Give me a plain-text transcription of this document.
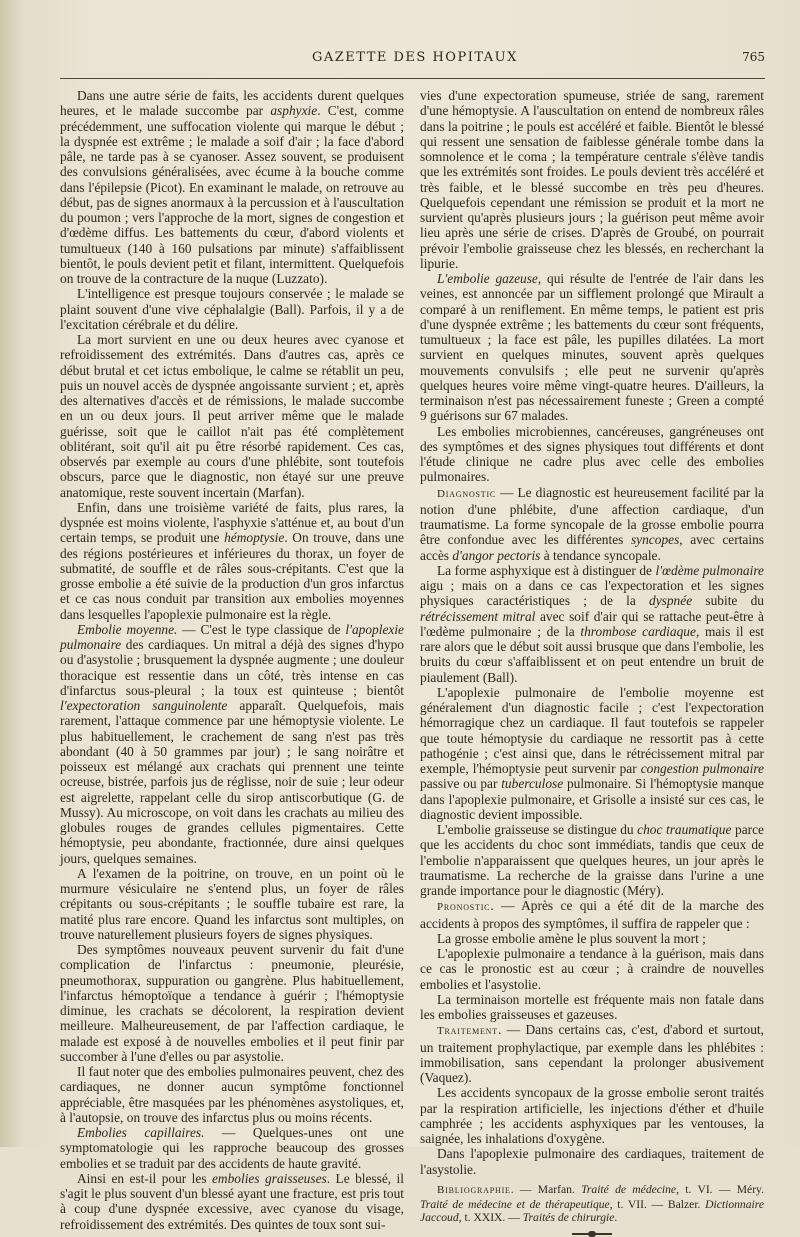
GAZETTE DES HOPITAUX	765

Dans une autre série de faits, les accidents durent quelques heures, et le malade succombe par asphyxie. C'est, comme précédemment, une suffocation violente qui marque le début ; la dyspnée est extrême ; le malade a soif d'air ; la face d'abord pâle, ne tarde pas à se cyanoser. Assez souvent, se produisent des convulsions généralisées, avec écume à la bouche comme dans l'épilepsie (Picot). En examinant le malade, on retrouve au début, pas de signes anormaux à la percussion et à l'auscultation du poumon ; vers l'approche de la mort, signes de congestion et d'œdème diffus. Les battements du cœur, d'abord violents et tumultueux (140 à 160 pulsations par minute) s'affaiblissent bientôt, le pouls devient petit et filant, intermittent. Quelquefois on trouve de la contracture de la nuque (Luzzato).

L'intelligence est presque toujours conservée ; le malade se plaint souvent d'une vive céphalalgie (Ball). Parfois, il y a de l'excitation cérébrale et du délire.

La mort survient en une ou deux heures avec cyanose et refroidissement des extrémités. Dans d'autres cas, après ce début brutal et cet ictus embolique, le calme se rétablit un peu, puis un nouvel accès de dyspnée angoissante survient ; et, après des alternatives d'accès et de rémissions, le malade succombe en un ou deux jours. Il peut arriver même que le malade guérisse, soit que le caillot n'ait pas été complètement oblitérant, soit qu'il ait pu être résorbé rapidement. Ces cas, observés par exemple au cours d'une phlébite, sont toutefois obscurs, parce que le diagnostic, non étayé sur une preuve anatomique, reste souvent incertain (Marfan).

Enfin, dans une troisième variété de faits, plus rares, la dyspnée est moins violente, l'asphyxie s'atténue et, au bout d'un certain temps, se produit une hémoptysie. On trouve, dans une des régions postérieures et inférieures du thorax, un foyer de submatité, de souffle et de râles sous-crépitants. C'est que la grosse embolie a été suivie de la production d'un gros infarctus et ce cas nous conduit par transition aux embolies moyennes dans lesquelles l'apoplexie pulmonaire est la règle.

Embolie moyenne. — C'est le type classique de l'apoplexie pulmonaire des cardiaques. Un mitral a déjà des signes d'hypo ou d'asystolie ; brusquement la dyspnée augmente ; une douleur thoracique est ressentie dans un côté, très intense en cas d'infarctus sous-pleural ; la toux est quinteuse ; bientôt l'expectoration sanguinolente apparaît. Quelquefois, mais rarement, l'attaque commence par une hémoptysie violente. Le plus habituellement, le crachement de sang n'est pas très abondant (40 à 50 grammes par jour) ; le sang noirâtre et poisseux est mélangé aux crachats qui prennent une teinte ocreuse, bistrée, parfois jus de réglisse, noir de suie ; leur odeur est aigrelette, rappelant celle du sirop antiscorbutique (G. de Mussy). Au microscope, on voit dans les crachats au milieu des globules rouges de grandes cellules pigmentaires. Cette hémoptysie, peu abondante, fractionnée, dure ainsi quelques jours, quelques semaines.

A l'examen de la poitrine, on trouve, en un point où le murmure vésiculaire ne s'entend plus, un foyer de râles crépitants ou sous-crépitants ; le souffle tubaire est rare, la matité plus rare encore. Quand les infarctus sont multiples, on trouve naturellement plusieurs foyers de signes physiques.

Des symptômes nouveaux peuvent survenir du fait d'une complication de l'infarctus : pneumonie, pleurésie, pneumothorax, suppuration ou gangrène. Plus habituellement, l'infarctus hémoptoïque a tendance à guérir ; l'hémoptysie diminue, les crachats se décolorent, la respiration devient meilleure. Malheureusement, de par l'affection cardiaque, le malade est exposé à de nouvelles embolies et il peut finir par succomber à l'une d'elles ou par asystolie.

Il faut noter que des embolies pulmonaires peuvent, chez des cardiaques, ne donner aucun symptôme fonctionnel appréciable, être masquées par les phénomènes asystoliques, et, à l'autopsie, on trouve des infarctus plus ou moins récents.

Embolies capillaires. — Quelques-unes ont une symptomatologie qui les rapproche beaucoup des grosses embolies et se traduit par des accidents de haute gravité.

Ainsi en est-il pour les embolies graisseuses. Le blessé, il s'agit le plus souvent d'un blessé ayant une fracture, est pris tout à coup d'une dyspnée excessive, avec cyanose du visage, refroidissement des extrémités. Des quintes de toux sont sui-

vies d'une expectoration spumeuse, striée de sang, rarement d'une hémoptysie. A l'auscultation on entend de nombreux râles dans la poitrine ; le pouls est accéléré et faible. Bientôt le blessé qui ressent une sensation de faiblesse générale tombe dans la somnolence et le coma ; la température centrale s'élève tandis que les extrémités sont froides. Le pouls devient très accéléré et très faible, et le blessé succombe en très peu d'heures. Quelquefois cependant une rémission se produit et la mort ne survient qu'après plusieurs jours ; la guérison peut même avoir lieu après une série de crises. D'après de Groubé, on pourrait prévoir l'embolie graisseuse chez les blessés, en recherchant la lipurie.

L'embolie gazeuse, qui résulte de l'entrée de l'air dans les veines, est annoncée par un sifflement prolongé que Mirault a comparé à un reniflement. En même temps, le patient est pris d'une dyspnée extrême ; les battements du cœur sont fréquents, tumultueux ; la face est pâle, les pupilles dilatées. La mort survient en quelques minutes, souvent après quelques mouvements convulsifs ; elle peut ne survenir qu'après quelques heures voire même vingt-quatre heures. D'ailleurs, la terminaison n'est pas nécessairement funeste ; Green a compté 9 guérisons sur 67 malades.

Les embolies microbiennes, cancéreuses, gangréneuses ont des symptômes et des signes physiques tout différents et dont l'étude clinique ne cadre plus avec celle des embolies pulmonaires.

Diagnostic — Le diagnostic est heureusement facilité par la notion d'une phlébite, d'une affection cardiaque, d'un traumatisme. La forme syncopale de la grosse embolie pourra être confondue avec les différentes syncopes, avec certains accès d'angor pectoris à tendance syncopale.

La forme asphyxique est à distinguer de l'œdème pulmonaire aigu ; mais on a dans ce cas l'expectoration et les signes physiques caractéristiques ; de la dyspnée subite du rétrécissement mitral avec soif d'air qui se rattache peut-être à l'œdème pulmonaire ; de la thrombose cardiaque, mais il est rare alors que le début soit aussi brusque que dans l'embolie, les bruits du cœur s'affaiblissent et on peut entendre un bruit de piaulement (Ball).

L'apoplexie pulmonaire de l'embolie moyenne est généralement d'un diagnostic facile ; c'est l'expectoration hémorragique chez un cardiaque. Il faut toutefois se rappeler que toute hémoptysie du cardiaque ne ressortit pas à cette pathogénie ; c'est ainsi que, dans le rétrécissement mitral par exemple, l'hémoptysie peut survenir par congestion pulmonaire passive ou par tuberculose pulmonaire. Si l'hémoptysie manque dans l'apoplexie pulmonaire, et Grisolle a insisté sur ces cas, le diagnostic devient impossible.

L'embolie graisseuse se distingue du choc traumatique parce que les accidents du choc sont immédiats, tandis que ceux de l'embolie n'apparaissent que quelques heures, un jour après le traumatisme. La recherche de la graisse dans l'urine a une grande importance pour le diagnostic (Méry).

Pronostic. — Après ce qui a été dit de la marche des accidents à propos des symptômes, il suffira de rappeler que :

La grosse embolie amène le plus souvent la mort ;

L'apoplexie pulmonaire a tendance à la guérison, mais dans ce cas le pronostic est au cœur ; à craindre de nouvelles embolies et l'asystolie.

La terminaison mortelle est fréquente mais non fatale dans les embolies graisseuses et gazeuses.

Traitement. — Dans certains cas, c'est, d'abord et surtout, un traitement prophylactique, par exemple dans les phlébites : immobilisation, sans cependant la prolonger abusivement (Vaquez).

Les accidents syncopaux de la grosse embolie seront traités par la respiration artificielle, les injections d'éther et d'huile camphrée ; les accidents asphyxiques par les ventouses, la saignée, les inhalations d'oxygène.

Dans l'apoplexie pulmonaire des cardiaques, traitement de l'asystolie.

Bibliographie. — Marfan. Traité de médecine, t. VI. — Méry. Traité de médecine et de thérapeutique, t. VII. — Balzer. Dictionnaire Jaccoud, t. XXIX. — Traités de chirurgie.
